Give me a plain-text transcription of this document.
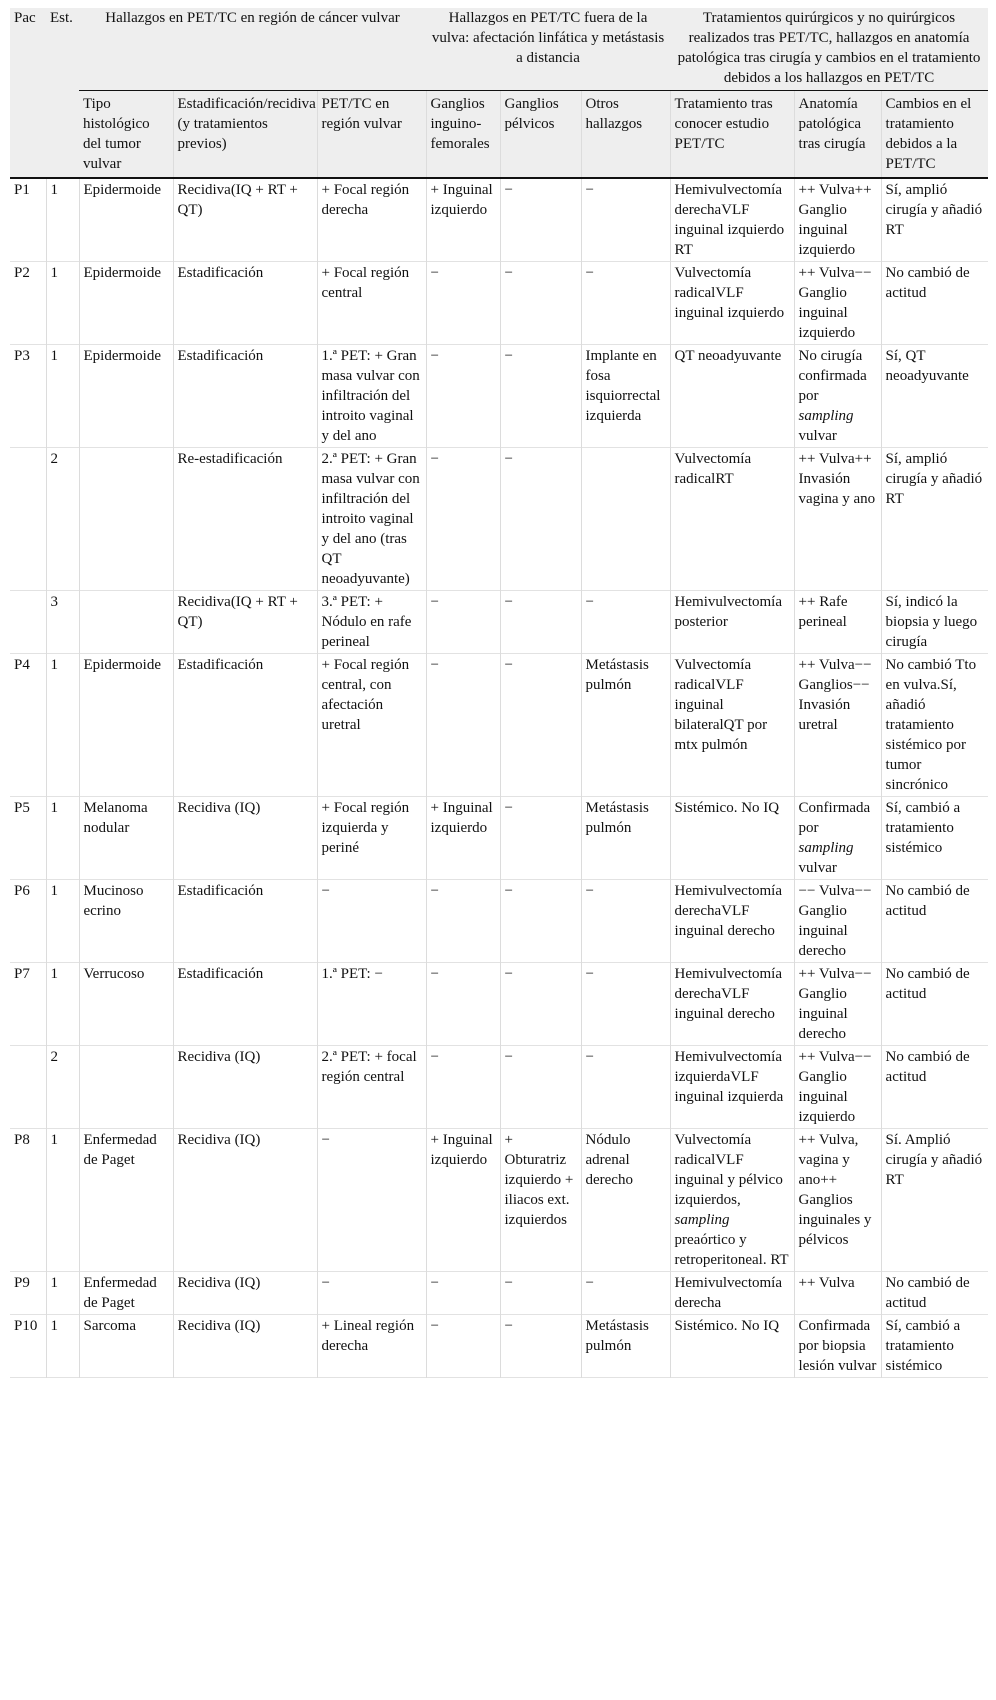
Pac	Est.	Hallazgos en PET/TC en región de cáncer vulvar			Hallazgos en PET/TC fuera de la vulva: afectación linfática y metástasis a distancia			Tratamientos quirúrgicos y no quirúrgicos realizados tras PET/TC, hallazgos en anatomía patológica tras cirugía y cambios en el tratamiento debidos a los hallazgos en PET/TC		
		Tipo histológico del tumor vulvar	Estadificación/recidiva (y tratamientos previos)	PET/TC en región vulvar	Ganglios inguino-femorales	Ganglios pélvicos	Otros hallazgos	Tratamiento tras conocer estudio PET/TC	Anatomía patológica tras cirugía	Cambios en el tratamiento debidos a la PET/TC
P1	1	Epidermoide	Recidiva(IQ + RT + QT)	+ Focal región derecha	+ Inguinal izquierdo	−	−	Hemivulvectomía derechaVLF inguinal izquierdo RT	++ Vulva++ Ganglio inguinal izquierdo	Sí, amplió cirugía y añadió RT
P2	1	Epidermoide	Estadificación	+ Focal región central	−	−	−	Vulvectomía radicalVLF inguinal izquierdo	++ Vulva−− Ganglio inguinal izquierdo	No cambió de actitud
P3	1	Epidermoide	Estadificación	1.ª PET: + Gran masa vulvar con infiltración del introito vaginal y del ano	−	−	Implante en fosa isquiorrectal izquierda	QT neoadyuvante	No cirugía confirmada por sampling vulvar	Sí, QT neoadyuvante
	2		Re-estadificación	2.ª PET: + Gran masa vulvar con infiltración del introito vaginal y del ano (tras QT neoadyuvante)	−	−		Vulvectomía radicalRT	++ Vulva++ Invasión vagina y ano	Sí, amplió cirugía y añadió RT
	3		Recidiva(IQ + RT + QT)	3.ª PET: + Nódulo en rafe perineal	−	−	−	Hemivulvectomía posterior	++ Rafe perineal	Sí, indicó la biopsia y luego cirugía
P4	1	Epidermoide	Estadificación	+ Focal región central, con afectación uretral	−	−	Metástasis pulmón	Vulvectomía radicalVLF inguinal bilateralQT por mtx pulmón	++ Vulva−− Ganglios−− Invasión uretral	No cambió Tto en vulva.Sí, añadió tratamiento sistémico por tumor sincrónico
P5	1	Melanoma nodular	Recidiva (IQ)	+ Focal región izquierda y periné	+ Inguinal izquierdo	−	Metástasis pulmón	Sistémico. No IQ	Confirmada por sampling vulvar	Sí, cambió a tratamiento sistémico
P6	1	Mucinoso ecrino	Estadificación	−	−	−	−	Hemivulvectomía derechaVLF inguinal derecho	−− Vulva−− Ganglio inguinal derecho	No cambió de actitud
P7	1	Verrucoso	Estadificación	1.ª PET: −	−	−	−	Hemivulvectomía derechaVLF inguinal derecho	++ Vulva−− Ganglio inguinal derecho	No cambió de actitud
	2		Recidiva (IQ)	2.ª PET: + focal región central	−	−	−	Hemivulvectomía izquierdaVLF inguinal izquierda	++ Vulva−− Ganglio inguinal izquierdo	No cambió de actitud
P8	1	Enfermedad de Paget	Recidiva (IQ)	−	+ Inguinal izquierdo	+ Obturatriz izquierdo + iliacos ext. izquierdos	Nódulo adrenal derecho	Vulvectomía radicalVLF inguinal y pélvico izquierdos, sampling preaórtico y retroperitoneal. RT	++ Vulva, vagina y ano++ Ganglios inguinales y pélvicos	Sí. Amplió cirugía y añadió RT
P9	1	Enfermedad de Paget	Recidiva (IQ)	−	−	−	−	Hemivulvectomía derecha	++ Vulva	No cambió de actitud
P10	1	Sarcoma	Recidiva (IQ)	+ Lineal región derecha	−	−	Metástasis pulmón	Sistémico. No IQ	Confirmada por biopsia lesión vulvar	Sí, cambió a tratamiento sistémico
